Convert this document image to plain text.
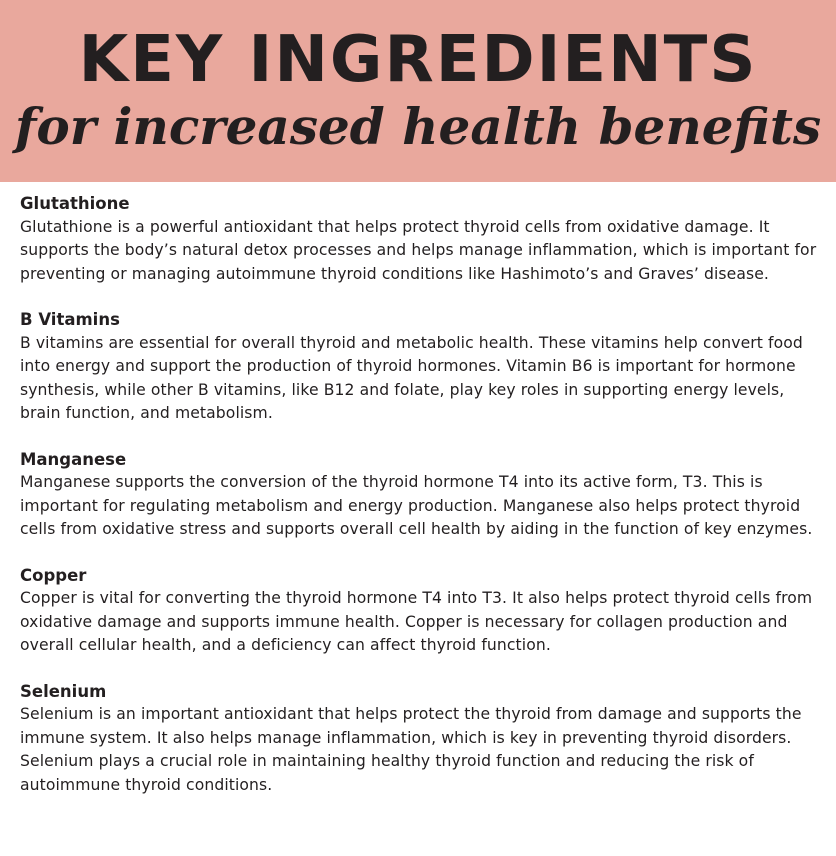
KEY INGREDIENTS

for increased health benefits

Glutathione

Glutathione is a powerful antioxidant that helps protect thyroid cells from oxidative damage. It supports the body’s natural detox processes and helps manage inflammation, which is important for preventing or managing autoimmune thyroid conditions like Hashimoto’s and Graves’ disease.

B Vitamins

B vitamins are essential for overall thyroid and metabolic health. These vitamins help convert food into energy and support the production of thyroid hormones. Vitamin B6 is important for hormone synthesis, while other B vitamins, like B12 and folate, play key roles in supporting energy levels, brain function, and metabolism.

Manganese

Manganese supports the conversion of the thyroid hormone T4 into its active form, T3. This is important for regulating metabolism and energy production. Manganese also helps protect thyroid cells from oxidative stress and supports overall cell health by aiding in the function of key enzymes.

Copper

Copper is vital for converting the thyroid hormone T4 into T3. It also helps protect thyroid cells from oxidative damage and supports immune health. Copper is necessary for collagen production and overall cellular health, and a deficiency can affect thyroid function.

Selenium

Selenium is an important antioxidant that helps protect the thyroid from damage and supports the immune system. It also helps manage inflammation, which is key in preventing thyroid disorders. Selenium plays a crucial role in maintaining healthy thyroid function and reducing the risk of autoimmune thyroid conditions.
